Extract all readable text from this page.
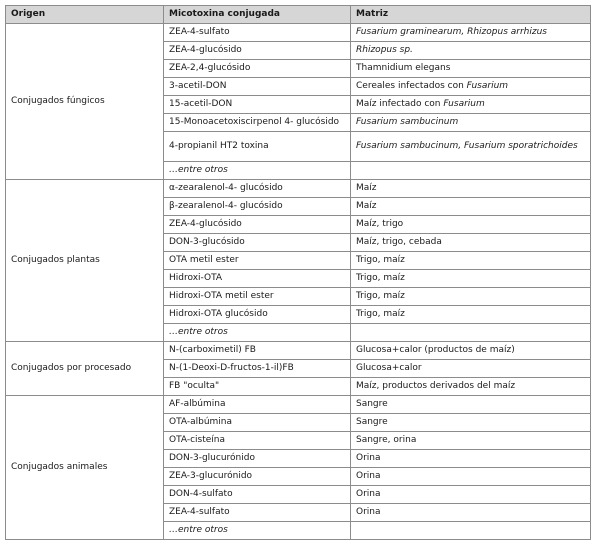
Origen	Micotoxina conjugada	Matriz
Conjugados fúngicos	ZEA-4-sulfato	Fusarium graminearum, Rhizopus arrhizus
	ZEA-4-glucósido	Rhizopus sp.
	ZEA-2,4-glucósido	Thamnidium elegans
	3-acetil-DON	Cereales infectados con Fusarium
	15-acetil-DON	Maíz infectado con Fusarium
	15-Monoacetoxiscirpenol 4- glucósido	Fusarium sambucinum
	4-propianil HT2 toxina	Fusarium sambucinum, Fusarium sporatrichoides
	…entre otros	
Conjugados plantas	α-zearalenol-4- glucósido	Maíz
	β-zearalenol-4- glucósido	Maíz
	ZEA-4-glucósido	Maíz, trigo
	DON-3-glucósido	Maíz, trigo, cebada
	OTA metil ester	Trigo, maíz
	Hidroxi-OTA	Trigo, maíz
	Hidroxi-OTA metil ester	Trigo, maíz
	Hidroxi-OTA glucósido	Trigo, maíz
	…entre otros	
Conjugados por procesado	N-(carboximetil) FB	Glucosa+calor (productos de maíz)
	N-(1-Deoxi-D-fructos-1-il)FB	Glucosa+calor
	FB "oculta"	Maíz, productos derivados del maíz
Conjugados animales	AF-albúmina	Sangre
	OTA-albúmina	Sangre
	OTA-cisteína	Sangre, orina
	DON-3-glucurónido	Orina
	ZEA-3-glucurónido	Orina
	DON-4-sulfato	Orina
	ZEA-4-sulfato	Orina
	…entre otros	
